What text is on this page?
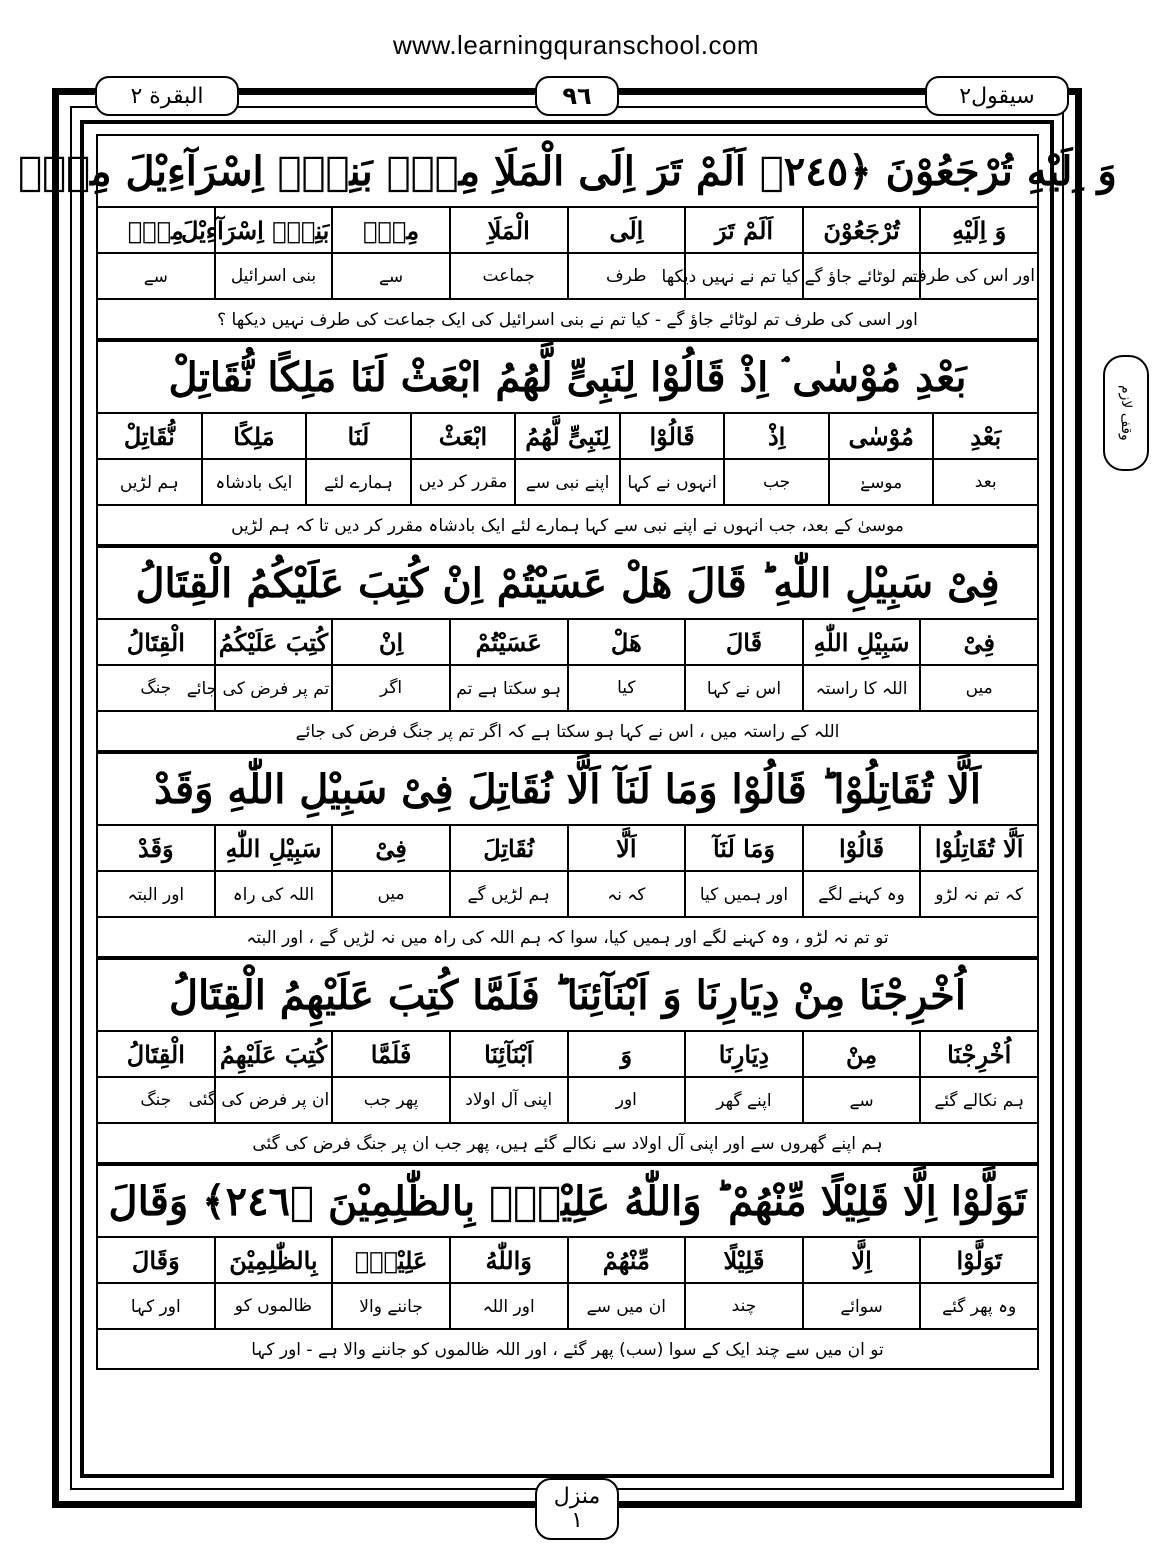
www.learningquranschool.com
البقرة ٢	٩٦	سیقول٢
وقف لازم
وَ اِلَيْهِ تُرْجَعُوْنَ ﴿٢٤٥﴾ اَلَمْ تَرَ اِلَى الْمَلَاِ مِنْۢ بَنِىْۤ اِسْرَآءِيْلَ مِنْۢ
وَ اِلَيْهِ	تُرْجَعُوْنَ	اَلَمْ تَرَ	اِلَى	الْمَلَاِ	مِنْۢ	بَنِىْۤ اِسْرَآءِيْلَ	مِنْۢ
اور اس کی طرف	تم لوٹائے جاؤ گے	کیا تم نے نہیں دیکھا	طرف	جماعت	سے	بنی اسرائیل	سے
اور اسی کی طرف تم لوٹائے جاؤ گے - کیا تم نے بنی اسرائیل کی ایک جماعت کی طرف نہیں دیکھا ؟
بَعْدِ مُوْسٰى ۘ اِذْ قَالُوْا لِنَبِىٍّ لَّهُمُ ابْعَثْ لَنَا مَلِكًا نُّقَاتِلْ
بَعْدِ	مُوْسٰى	اِذْ	قَالُوْا	لِنَبِىٍّ لَّهُمُ	ابْعَثْ	لَنَا	مَلِكًا	نُّقَاتِلْ
بعد	موسےٰ	جب	انہوں نے کہا	اپنے نبی سے	مقرر کر دیں	ہمارے لئے	ایک بادشاہ	ہم لڑیں
موسیٰ کے بعد، جب انہوں نے اپنے نبی سے کہا ہمارے لئے ایک بادشاہ مقرر کر دیں تا کہ ہم لڑیں
فِىْ سَبِيْلِ اللّٰهِ ؕ قَالَ هَلْ عَسَيْتُمْ اِنْ كُتِبَ عَلَيْكُمُ الْقِتَالُ
فِىْ	سَبِيْلِ اللّٰهِ	قَالَ	هَلْ	عَسَيْتُمْ	اِنْ	كُتِبَ عَلَيْكُمُ	الْقِتَالُ
میں	اللہ کا راستہ	اس نے کہا	کیا	ہو سکتا ہے تم	اگر	تم پر فرض کی جائے	جنگ
اللہ کے راستہ میں ، اس نے کہا ہو سکتا ہے کہ اگر تم پر جنگ فرض کی جائے
اَلَّا تُقَاتِلُوْا ؕ قَالُوْا وَمَا لَنَآ اَلَّا نُقَاتِلَ فِىْ سَبِيْلِ اللّٰهِ وَقَدْ
اَلَّا تُقَاتِلُوْا	قَالُوْا	وَمَا لَنَآ	اَلَّا	نُقَاتِلَ	فِىْ	سَبِيْلِ اللّٰهِ	وَقَدْ
کہ تم نہ لڑو	وہ کہنے لگے	اور ہمیں کیا	کہ نہ	ہم لڑیں گے	میں	اللہ کی راہ	اور البتہ
تو تم نہ لڑو ، وہ کہنے لگے اور ہمیں کیا، سوا کہ ہم اللہ کی راہ میں نہ لڑیں گے ، اور البتہ
اُخْرِجْنَا مِنْ دِيَارِنَا وَ اَبْنَآئِنَا ؕ فَلَمَّا كُتِبَ عَلَيْهِمُ الْقِتَالُ
اُخْرِجْنَا	مِنْ	دِيَارِنَا	وَ	اَبْنَآئِنَا	فَلَمَّا	كُتِبَ عَلَيْهِمُ	الْقِتَالُ
ہم نکالے گئے	سے	اپنے گھر	اور	اپنی آل اولاد	پھر جب	ان پر فرض کی گئی	جنگ
ہم اپنے گھروں سے اور اپنی آل اولاد سے نکالے گئے ہیں، پھر جب ان پر جنگ فرض کی گئی
تَوَلَّوْا اِلَّا قَلِيْلًا مِّنْهُمْ ؕ وَاللّٰهُ عَلِيْمٌۢ بِالظّٰلِمِيْنَ ﴿٢٤٦﴾ وَقَالَ
تَوَلَّوْا	اِلَّا	قَلِيْلًا	مِّنْهُمْ	وَاللّٰهُ	عَلِيْمٌۢ	بِالظّٰلِمِيْنَ	وَقَالَ
وہ پھر گئے	سوائے	چند	ان میں سے	اور اللہ	جاننے والا	ظالموں کو	اور کہا
تو ان میں سے چند ایک کے سوا (سب) پھر گئے ، اور اللہ ظالموں کو جاننے والا ہے - اور کہا
منزل
١
